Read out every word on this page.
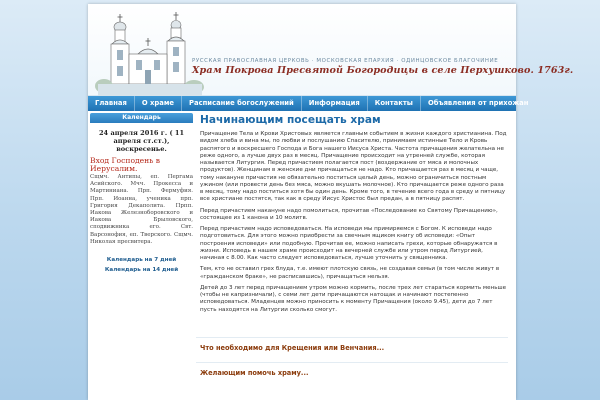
РУССКАЯ ПРАВОСЛАВНАЯ ЦЕРКОВЬ · МОСКОВСКАЯ ЕПАРХИЯ · ОДИНЦОВСКОЕ БЛАГОЧИНИЕ
Храм Покрова Пресвятой Богородицы в селе Перхушково. 1763г.
Главная	О храме	Расписание богослужений	Информация	Контакты	Объявления от прихожан
Календарь
24 апреля 2016 г. ( 11 апреля ст.ст.), воскресенье.
Вход Господень в Иерусалим.
Сщмч. Антипы, еп. Пергама Асийского. Мчч. Прокесса и Мартиниана. Прп. Фермуфия. Прп. Иоанна, ученика прп. Григория Декаполита. Прпп. Иакова Железноборовского и Иакова Брыловского, сподвижника его. Свт. Варсонофия, еп. Тверского. Сщмч. Николая пресвитера.
Календарь на 7 дней
Календарь на 14 дней
Начинающим посещать храм

Причащение Тела и Крови Христовых является главным событием в жизни каждого христианина. Под видом хлеба и вина мы, по любви и послушанию Спасителю, принимаем истинные Тело и Кровь распятого и воскресшего Господа и Бога нашего Иисуса Христа. Частота причащения желательна не реже одного, а лучше двух раз в месяц. Причащение происходит на утренней службе, которая называется Литургия. Перед причастием полагается пост (воздержание от мяса и молочных продуктов). Женщинам в женские дни причащаться не надо. Кто причащается раз в месяц и чаще, тому накануне причастия не обязательно поститься целый день, можно ограничиться постным ужином (или провести день без мяса, можно вкушать молочное). Кто причащается реже одного раза в месяц, тому надо поститься хотя бы один день. Кроме того, в течение всего года в среду и пятницу все христиане постятся, так как в среду Иисус Христос был предан, а в пятницу распят.

Перед причастием накануне надо помолиться, прочитав «Последование ко Святому Причащению», состоящее из 1 канона и 10 молитв.

Перед причастием надо исповедоваться. На исповеди мы примиряемся с Богом. К исповеди надо подготовиться. Для этого можно приобрести за свечным ящиком книгу об исповеди: «Опыт построения исповеди» или подобную. Прочитав ее, можно написать грехи, которые обнаружатся в жизни. Исповедь в нашем храме происходит на вечерней службе или утром перед Литургией, начиная с 8.00. Как часто следует исповедоваться, лучше уточнить у священника.

Тем, кто не оставил грех блуда, т.е. имеют плотскую связь, не создавая семьи (в том числе живут в «гражданском браке», не расписавшись), причащаться нельзя.

Детей до 3 лет перед причащением утром можно кормить, после трех лет стараться кормить меньше (чтобы не капризничали), с семи лет дети причащаются натощак и начинают постепенно исповедоваться. Младенцев можно приносить к моменту Причащения (около 9.45), дети до 7 лет пусть находятся на Литургии сколько смогут.

Что необходимо для Крещения или Венчания...
Желающим помочь храму...
